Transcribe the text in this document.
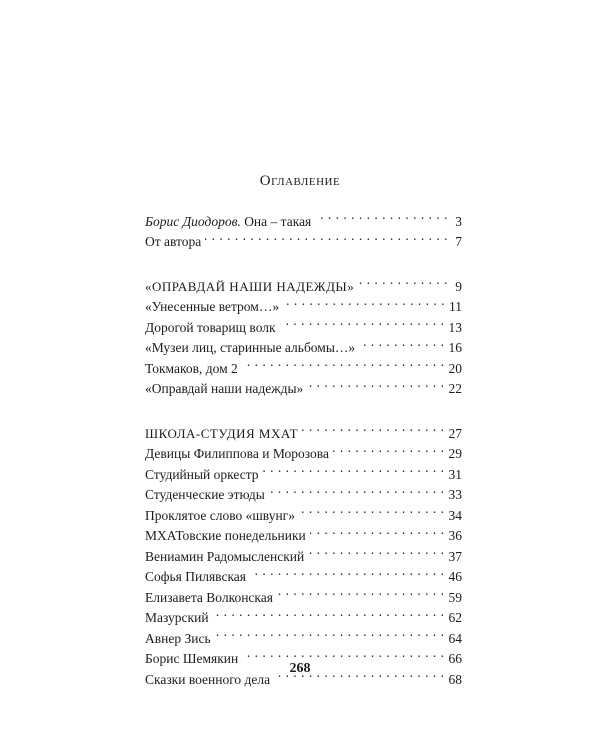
Оглавление
Борис Диодоров. Она – такая . . .	3
От автора . . .	7
«ОПРАВДАЙ НАШИ НАДЕЖДЫ» . . .	9
«Унесенные ветром…» . . .	11
Дорогой товарищ волк . . .	13
«Музеи лиц, старинные альбомы…» . . .	16
Токмаков, дом 2 . . .	20
«Оправдай наши надежды» . . .	22
ШКОЛА-СТУДИЯ МХАТ . . .	27
Девицы Филиппова и Морозова . . .	29
Студийный оркестр . . .	31
Студенческие этюды . . .	33
Проклятое слово «швунг» . . .	34
МХАТовские понедельники . . .	36
Вениамин Радомысленский . . .	37
Софья Пилявская . . .	46
Елизавета Волконская . . .	59
Мазурский . . .	62
Авнер Зись . . .	64
Борис Шемякин . . .	66
Сказки военного дела . . .	68
268
